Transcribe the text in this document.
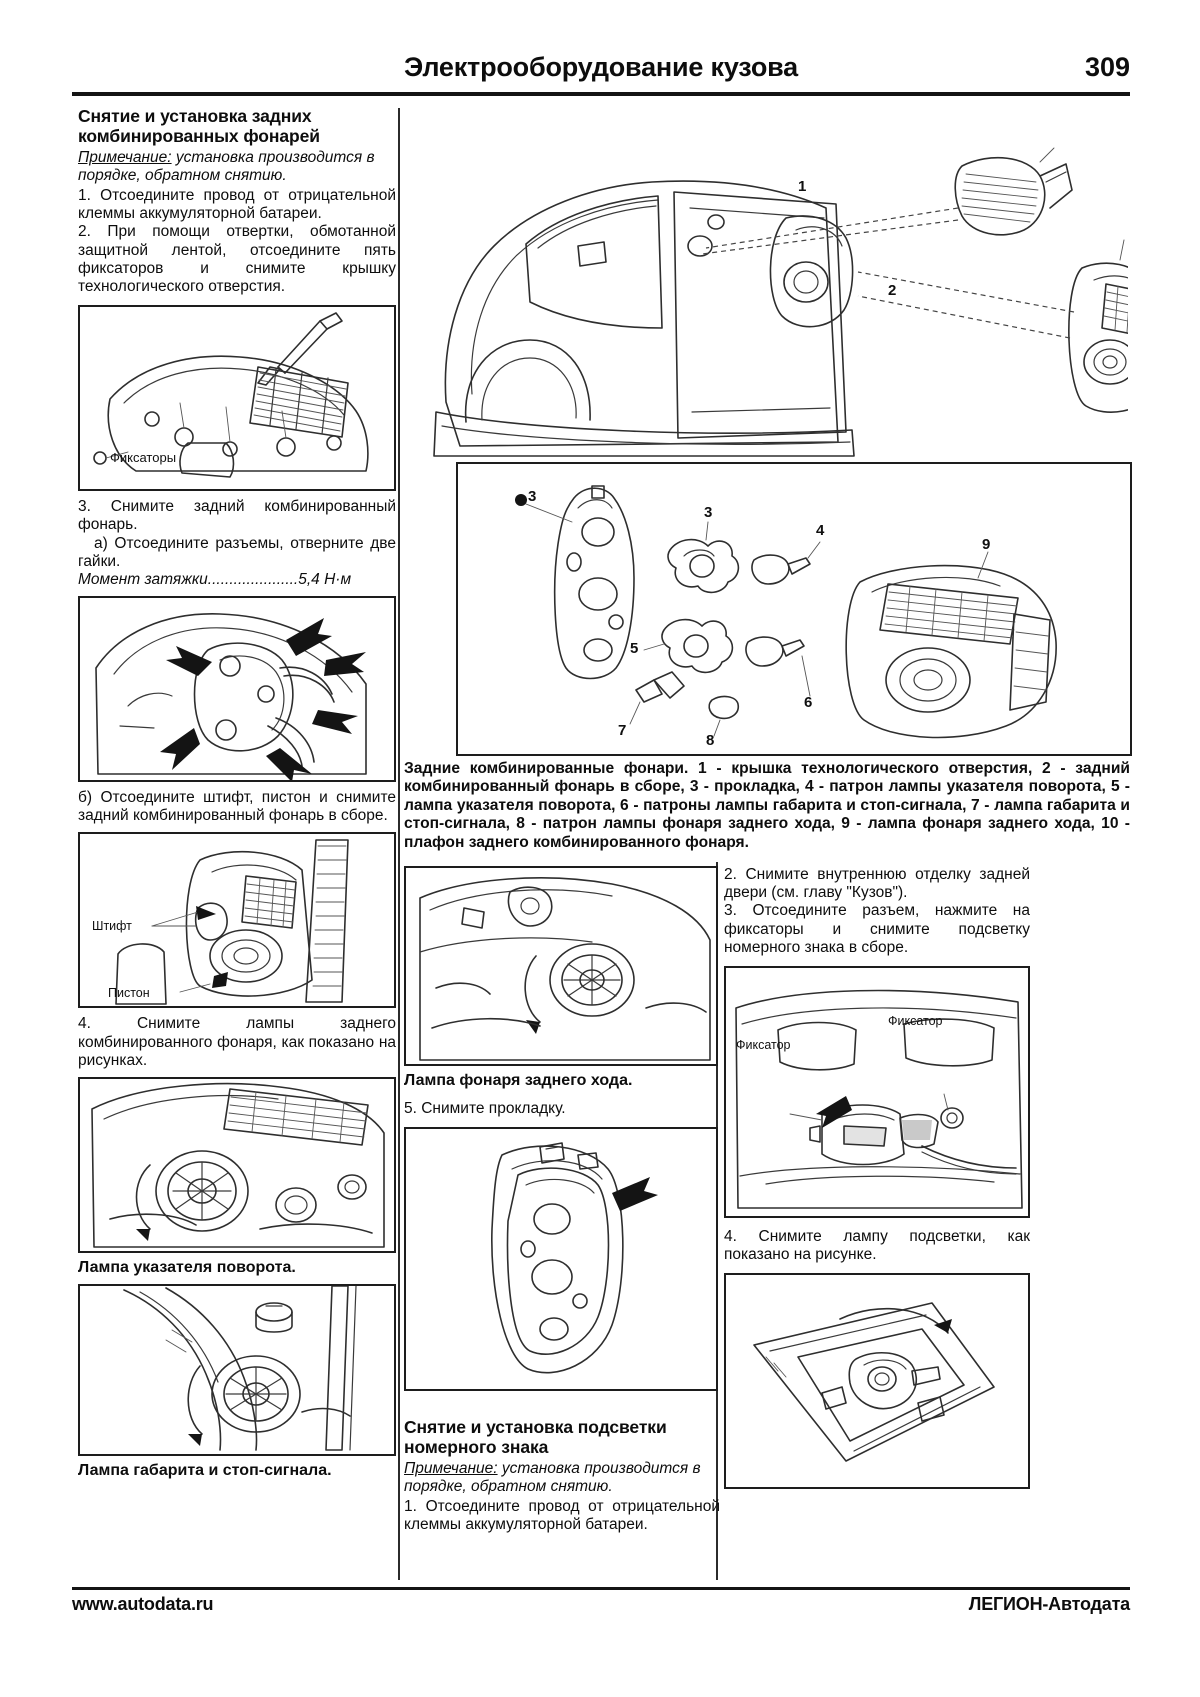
Электрооборудование кузова	309
Снятие и установка задних комбинированных фонарей

Примечание: установка производится в порядке, обратном снятию.

1. Отсоедините провод от отрицательной клеммы аккумуляторной батареи.

2. При помощи отвертки, обмотанной защитной лентой, отсоедините пять фиксаторов и снимите крышку технологического отверстия.

Фиксаторы

3. Снимите задний комбинированный фонарь.

а) Отсоедините разъемы, отверните две гайки.

Момент затяжки.....................5,4 Н·м

б) Отсоедините штифт, пистон и снимите задний комбинированный фонарь в сборе.

Штифт
Пистон

4. Снимите лампы заднего комбинированного фонаря, как показано на рисунках.

Лампа указателя поворота.

Лампа габарита и стоп-сигнала.

1
2
3
3
4
5
6
7
8
9

Задние комбинированные фонари. 1 - крышка технологического отверстия, 2 - задний комбинированный фонарь в сборе, 3 - прокладка, 4 - патрон лампы указателя поворота, 5 - лампа указателя поворота, 6 - патроны лампы габарита и стоп-сигнала, 7 - лампа габарита и стоп-сигнала, 8 - патрон лампы фонаря заднего хода, 9 - лампа фонаря заднего хода, 10 - плафон заднего комбинированного фонаря.

Лампа фонаря заднего хода.

5. Снимите прокладку.

Снятие и установка подсветки номерного знака

Примечание: установка производится в порядке, обратном снятию.

1. Отсоедините провод от отрицательной клеммы аккумуляторной батареи.

2. Снимите внутреннюю отделку задней двери (см. главу "Кузов").

3. Отсоедините разъем, нажмите на фиксаторы и снимите подсветку номерного знака в сборе.

Фиксатор
Фиксатор

4. Снимите лампу подсветки, как показано на рисунке.

www.autodata.ru	ЛЕГИОН-Автодата
